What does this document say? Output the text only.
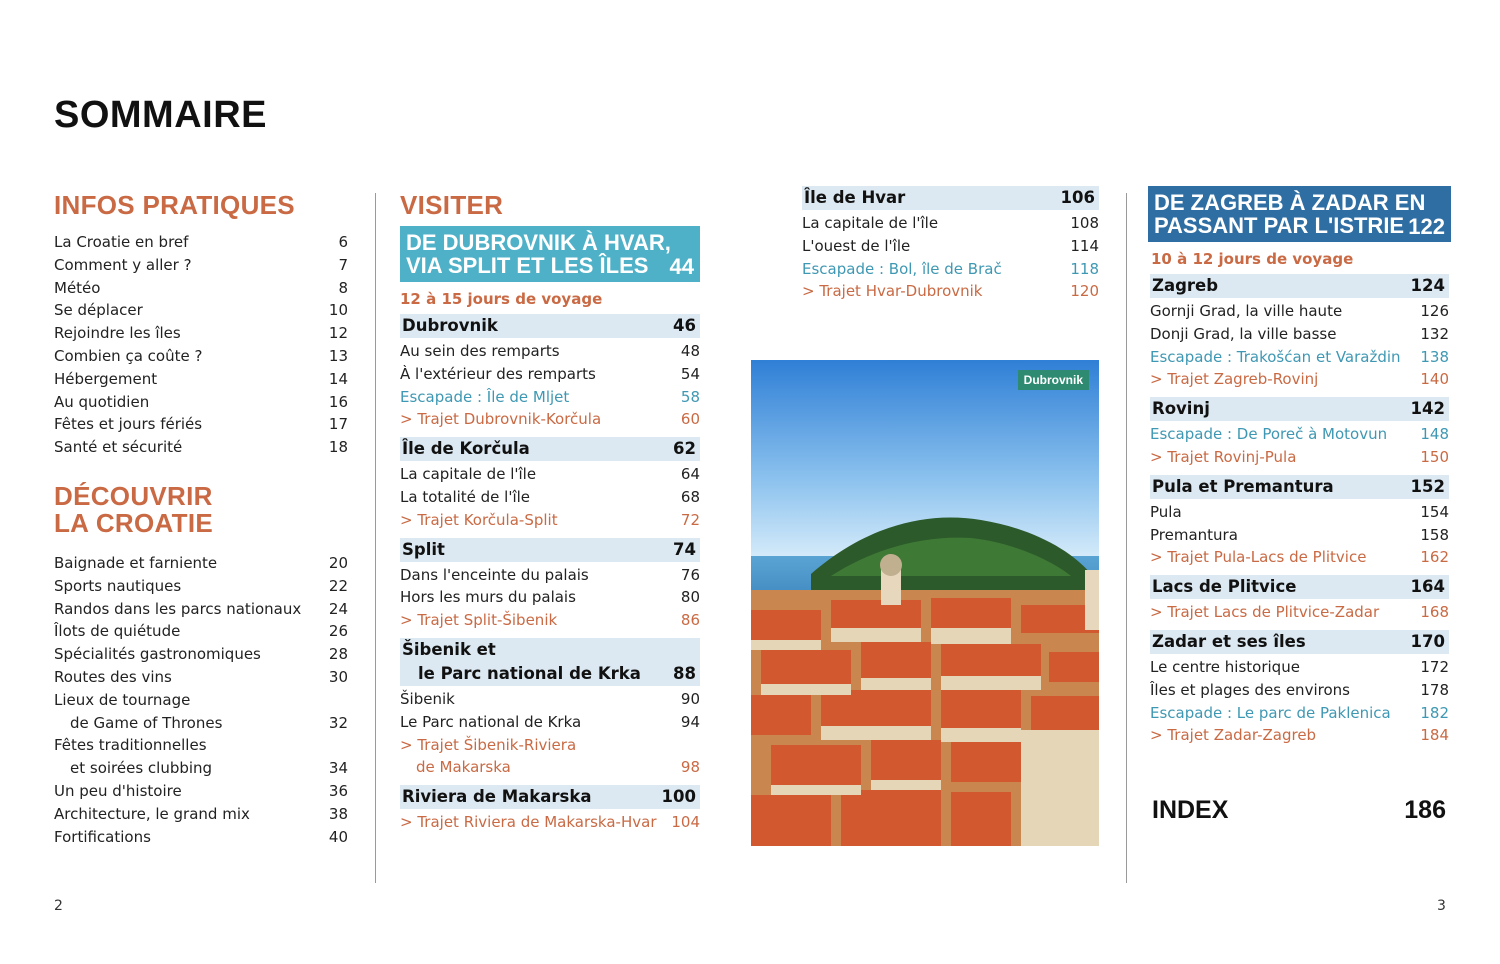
SOMMAIRE
INFOS PRATIQUES
La Croatie en bref	6
Comment y aller ?	7
Météo	8
Se déplacer	10
Rejoindre les îles	12
Combien ça coûte ?	13
Hébergement	14
Au quotidien	16
Fêtes et jours fériés	17
Santé et sécurité	18
DÉCOUVRIR
LA CROATIE
Baignade et farniente	20
Sports nautiques	22
Randos dans les parcs nationaux 24
Îlots de quiétude	26
Spécialités gastronomiques	28
Routes des vins	30
Lieux de tournage
de Game of Thrones	32
Fêtes traditionnelles
et soirées clubbing	34
Un peu d'histoire	36
Architecture, le grand mix	38
Fortifications	40
VISITER
DE DUBROVNIK À HVAR,
VIA SPLIT ET LES ÎLES 44
12 à 15 jours de voyage
Dubrovnik	46
Au sein des remparts	48
À l'extérieur des remparts	54
Escapade : Île de Mljet	58
> Trajet Dubrovnik-Korčula	60
Île de Korčula	62
La capitale de l'île	64
La totalité de l'île	68
> Trajet Korčula-Split	72
Split	74
Dans l'enceinte du palais	76
Hors les murs du palais	80
> Trajet Split-Šibenik	86
Šibenik et
le Parc national de Krka 88
Šibenik	90
Le Parc national de Krka	94
> Trajet Šibenik-Riviera
de Makarska	98
Riviera de Makarska	100
> Trajet Riviera de Makarska-Hvar 104
Île de Hvar	106
La capitale de l'île	108
L'ouest de l'île	114
Escapade : Bol, île de Brač	118
> Trajet Hvar-Dubrovnik	120
Dubrovnik
DE ZAGREB À ZADAR EN
PASSANT PAR L'ISTRIE 122
10 à 12 jours de voyage
Zagreb	124
Gornji Grad, la ville haute	126
Donji Grad, la ville basse	132
Escapade : Trakošćan et Varaždin 138
> Trajet Zagreb-Rovinj	140
Rovinj	142
Escapade : De Poreč à Motovun 148
> Trajet Rovinj-Pula	150
Pula et Premantura	152
Pula	154
Premantura	158
> Trajet Pula-Lacs de Plitvice	162
Lacs de Plitvice	164
> Trajet Lacs de Plitvice-Zadar	168
Zadar et ses îles	170
Le centre historique	172
Îles et plages des environs	178
Escapade : Le parc de Paklenica 182
> Trajet Zadar-Zagreb	184
INDEX	186
2	3
